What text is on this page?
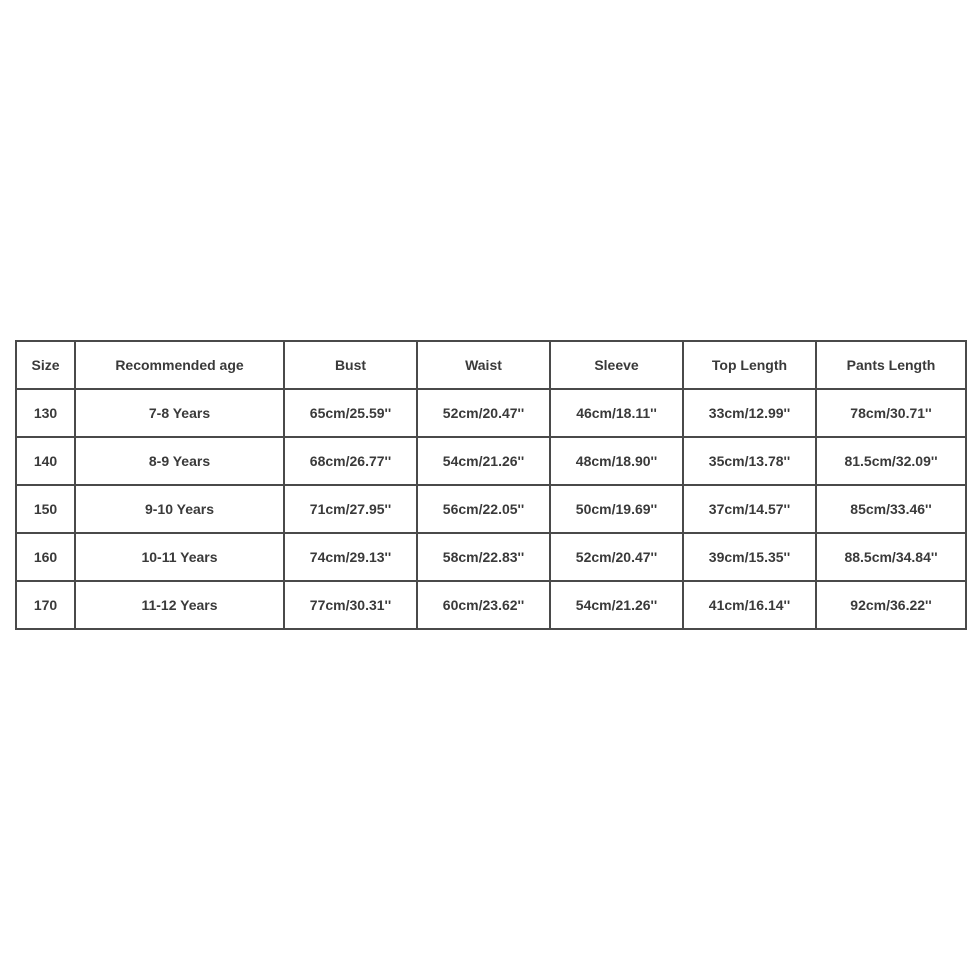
Size	Recommended age	Bust	Waist	Sleeve	Top Length	Pants Length
130	7-8 Years	65cm/25.59''	52cm/20.47''	46cm/18.11''	33cm/12.99''	78cm/30.71''
140	8-9 Years	68cm/26.77''	54cm/21.26''	48cm/18.90''	35cm/13.78''	81.5cm/32.09''
150	9-10 Years	71cm/27.95''	56cm/22.05''	50cm/19.69''	37cm/14.57''	85cm/33.46''
160	10-11 Years	74cm/29.13''	58cm/22.83''	52cm/20.47''	39cm/15.35''	88.5cm/34.84''
170	11-12 Years	77cm/30.31''	60cm/23.62''	54cm/21.26''	41cm/16.14''	92cm/36.22''
